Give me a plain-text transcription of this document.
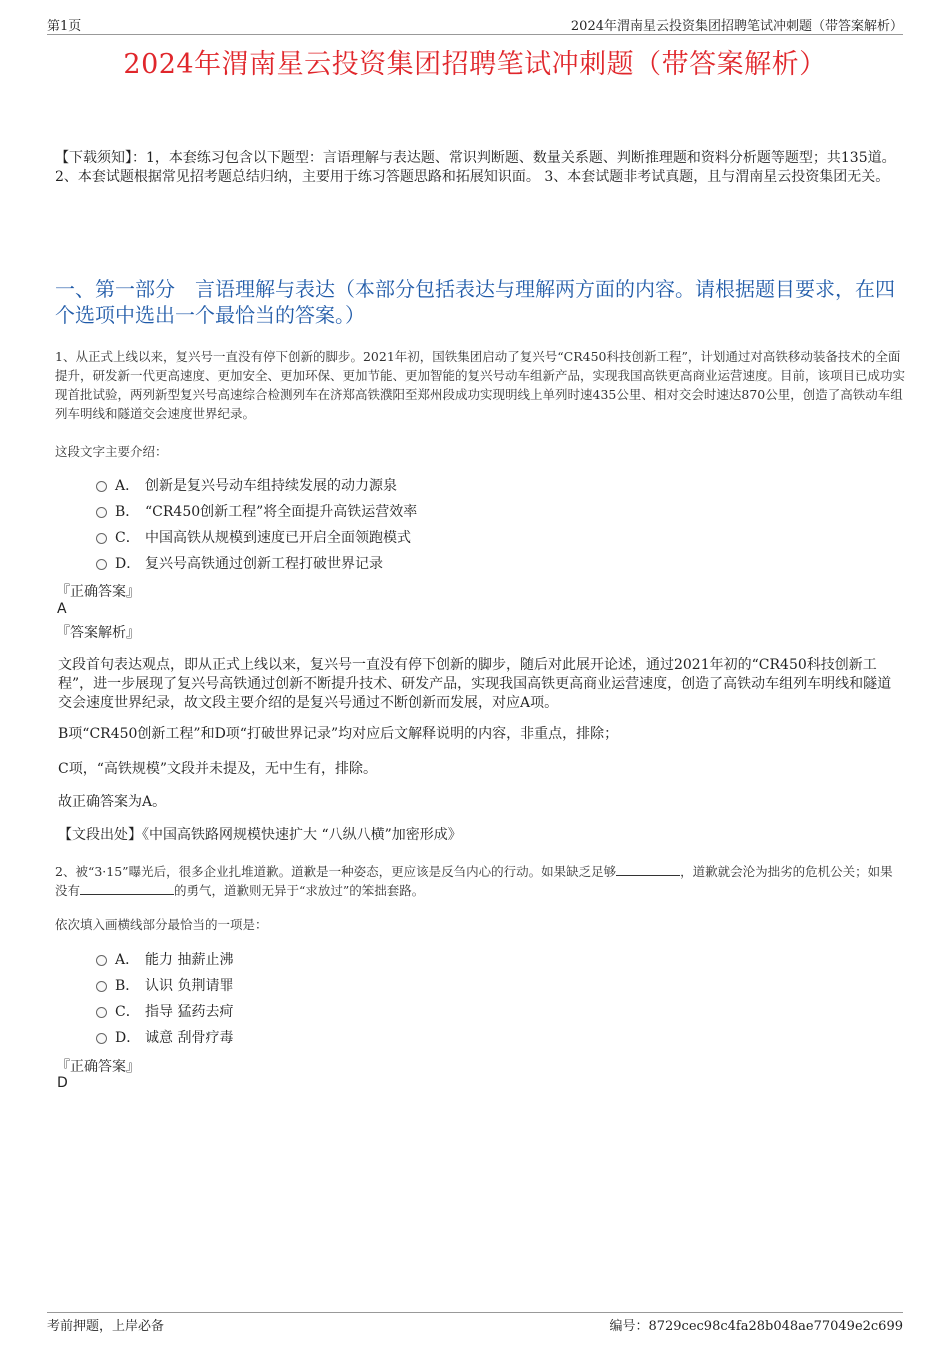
第1页	2024年渭南星云投资集团招聘笔试冲刺题（带答案解析）
2024年渭南星云投资集团招聘笔试冲刺题（带答案解析）
【下载须知】：1，本套练习包含以下题型：言语理解与表达题、常识判断题、数量关系题、判断推理题和资料分析题等题型；共135道。 2、本套试题根据常见招考题总结归纳，主要用于练习答题思路和拓展知识面。 3、本套试题非考试真题，且与渭南星云投资集团无关。
一、第一部分　言语理解与表达（本部分包括表达与理解两方面的内容。请根据题目要求，在四个选项中选出一个最恰当的答案。）
1、从正式上线以来，复兴号一直没有停下创新的脚步。2021年初，国铁集团启动了复兴号“CR450科技创新工程”，计划通过对高铁移动装备技术的全面提升，研发新一代更高速度、更加安全、更加环保、更加节能、更加智能的复兴号动车组新产品，实现我国高铁更高商业运营速度。目前，该项目已成功实现首批试验，两列新型复兴号高速综合检测列车在济郑高铁濮阳至郑州段成功实现明线上单列时速435公里、相对交会时速达870公里，创造了高铁动车组列车明线和隧道交会速度世界纪录。
这段文字主要介绍：
A． 创新是复兴号动车组持续发展的动力源泉
B． “CR450创新工程”将全面提升高铁运营效率
C． 中国高铁从规模到速度已开启全面领跑模式
D． 复兴号高铁通过创新工程打破世界记录
『正确答案』
A
『答案解析』
文段首句表达观点，即从正式上线以来，复兴号一直没有停下创新的脚步，随后对此展开论述，通过2021年初的“CR450科技创新工程”，进一步展现了复兴号高铁通过创新不断提升技术、研发产品，实现我国高铁更高商业运营速度，创造了高铁动车组列车明线和隧道交会速度世界纪录，故文段主要介绍的是复兴号通过不断创新而发展，对应A项。
B项“CR450创新工程”和D项“打破世界记录”均对应后文解释说明的内容，非重点，排除；
C项，“高铁规模”文段并未提及，无中生有，排除。
故正确答案为A。
【文段出处】《中国高铁路网规模快速扩大 “八纵八横”加密形成》
2、被“3·15”曝光后，很多企业扎堆道歉。道歉是一种姿态，更应该是反刍内心的行动。如果缺乏足够	，道歉就会沦为拙劣的危机公关；如果没有	的勇气，道歉则无异于“求放过”的笨拙套路。
依次填入画横线部分最恰当的一项是：
A． 能力 抽薪止沸
B． 认识 负荆请罪
C． 指导 猛药去疴
D． 诚意 刮骨疗毒
『正确答案』
D
考前押题，上岸必备	编号：8729cec98c4fa28b048ae77049e2c699
